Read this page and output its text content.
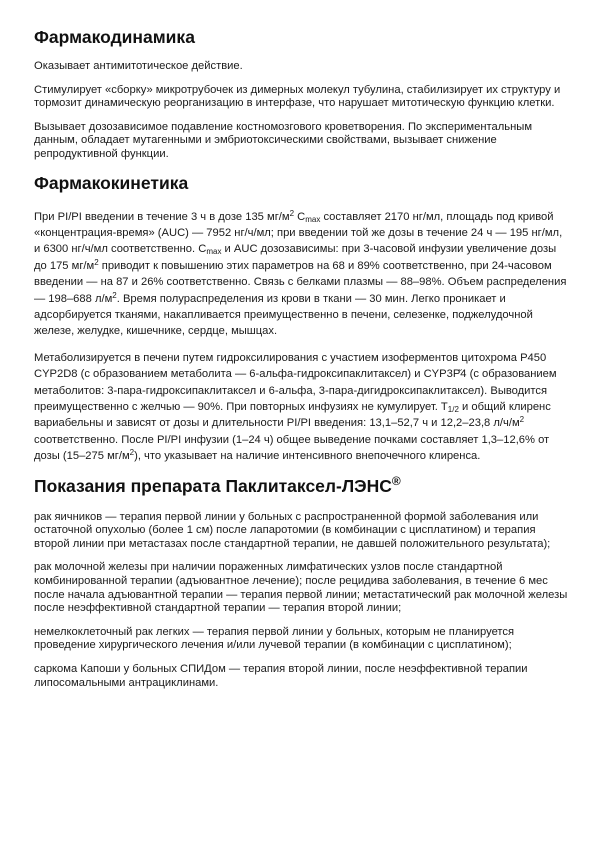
Фармакодинамика

Оказывает антимитотическое действие.

Стимулирует «сборку» микротрубочек из димерных молекул тубулина, стабилизирует их структуру и тормозит динамическую реорганизацию в интерфазе, что нарушает митотическую функцию клетки.

Вызывает дозозависимое подавление костномозгового кроветворения. По экспериментальным данным, обладает мутагенными и эмбриотоксическими свойствами, вызывает снижение репродуктивной функции.

Фармакокинетика

При PI/PI введении в течение 3 ч в дозе 135 $мг/м^2$ $C_{max}$ составляет 2170 нг/мл, площадь под кривой «концентрация-время» (AUC) — 7952 нг/ч/мл; при введении той же дозы в течение 24 ч — 195 нг/мл, и 6300 нг/ч/мл соответственно. $C_{max}$ и AUC дозозависимы: при 3-часовой инфузии увеличение дозы до 175 $мг/м^2$ приводит к повышению этих параметров на 68 и 89% соответственно, при 24-часовом введении — на 87 и 26% соответственно. Связь с белками плазмы — 88–98%. Объем распределения — 198–688 $л/м^2$. Время полураспределения из крови в ткани — 30 мин. Легко проникает и адсорбируется тканями, накапливается преимущественно в печени, селезенке, поджелудочной железе, желудке, кишечнике, сердце, мышцах.

Метаболизируется в печени путем гидроксилирования с участием изоферментов цитохрома P450 CYP2D8 (с образованием метаболита — 6-альфа-гидроксипаклитаксел) и CYP3Р̆4 (с образованием метаболитов: 3-пара-гидроксипаклитаксел и 6-альфа, 3-пара-дигидроксипаклитаксел). Выводится преимущественно с желчью — 90%. При повторных инфузиях не кумулирует. $T_{1/2}$ и общий клиренс вариабельны и зависят от дозы и длительности PI/PI введения: 13,1–52,7 ч и 12,2–23,8 $л/ч/м^2$ соответственно. После PI/PI инфузии (1–24 ч) общее выведение почками составляет 1,3–12,6% от дозы (15–275 $мг/м^2$), что указывает на наличие интенсивного внепочечного клиренса.

Показания препарата Паклитаксел-ЛЭНС®

рак яичников — терапия первой линии у больных с распространенной формой заболевания или остаточной опухолью (более 1 см) после лапаротомии (в комбинации с цисплатином) и терапия второй линии при метастазах после стандартной терапии, не давшей положительного результата);

рак молочной железы при наличии пораженных лимфатических узлов после стандартной комбинированной терапии (адъювантное лечение); после рецидива заболевания, в течение 6 мес после начала адъювантной терапии — терапия первой линии; метастатический рак молочной железы после неэффективной стандартной терапии — терапия второй линии;

немелкоклеточный рак легких — терапия первой линии у больных, которым не планируется проведение хирургического лечения и/или лучевой терапии (в комбинации с цисплатином);

саркома Капоши у больных СПИДом — терапия второй линии, после неэффективной терапии липосомальными антрациклинами.
